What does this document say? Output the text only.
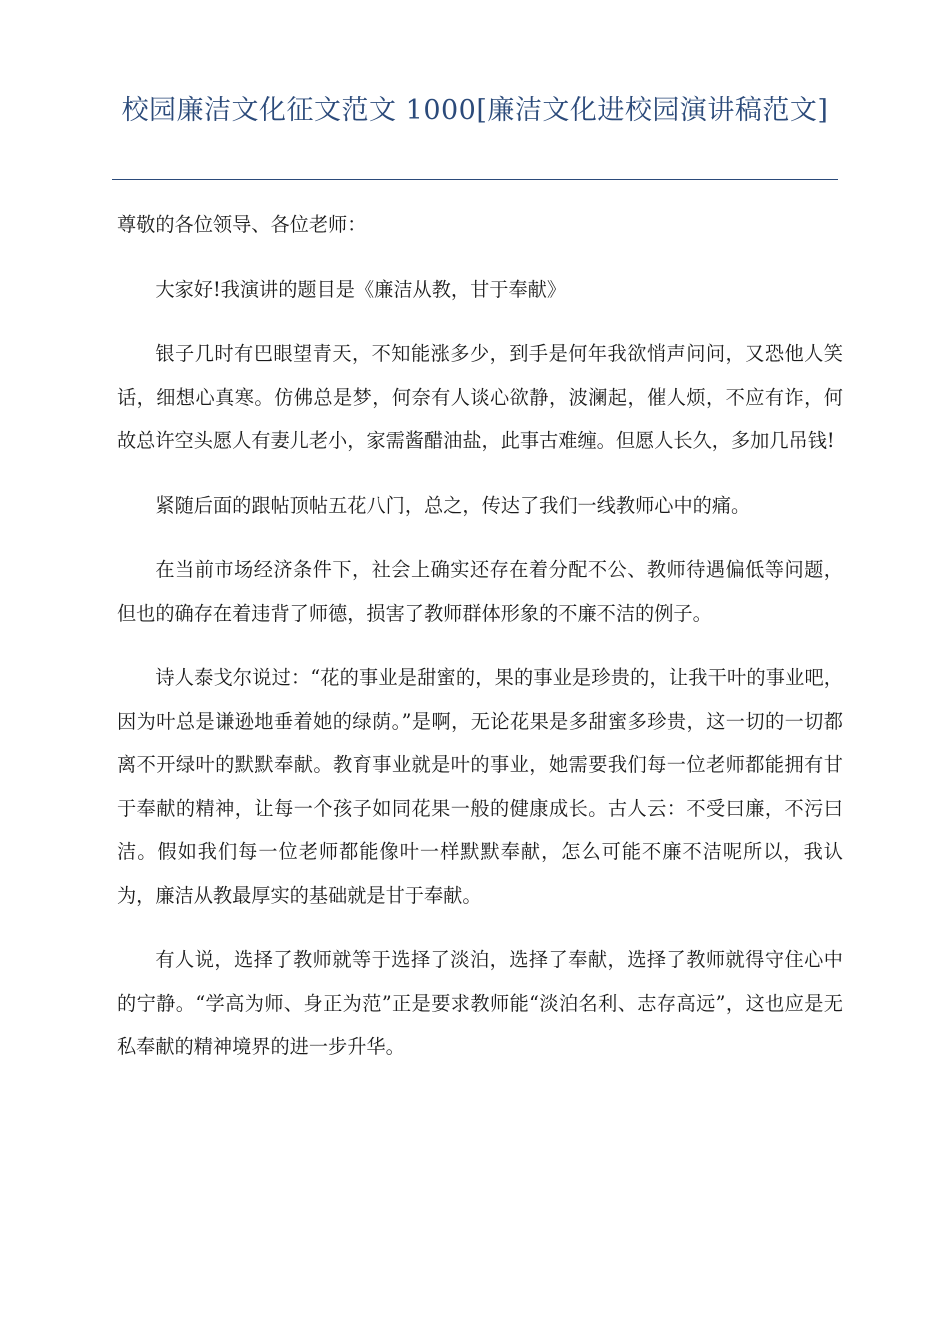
校园廉洁文化征文范文 1000[廉洁文化进校园演讲稿范文]

尊敬的各位领导、各位老师：

大家好!我演讲的题目是《廉洁从教，甘于奉献》

银子几时有巴眼望青天，不知能涨多少，到手是何年我欲悄声问问，又恐他人笑话，细想心真寒。仿佛总是梦，何奈有人谈心欲静，波澜起，催人烦，不应有诈，何故总许空头愿人有妻儿老小，家需酱醋油盐，此事古难缠。但愿人长久，多加几吊钱!

紧随后面的跟帖顶帖五花八门，总之，传达了我们一线教师心中的痛。

在当前市场经济条件下，社会上确实还存在着分配不公、教师待遇偏低等问题，但也的确存在着违背了师德，损害了教师群体形象的不廉不洁的例子。

诗人泰戈尔说过：“花的事业是甜蜜的，果的事业是珍贵的，让我干叶的事业吧，因为叶总是谦逊地垂着她的绿荫。”是啊，无论花果是多甜蜜多珍贵，这一切的一切都离不开绿叶的默默奉献。教育事业就是叶的事业，她需要我们每一位老师都能拥有甘于奉献的精神，让每一个孩子如同花果一般的健康成长。古人云：不受曰廉，不污曰洁。假如我们每一位老师都能像叶一样默默奉献，怎么可能不廉不洁呢所以，我认为，廉洁从教最厚实的基础就是甘于奉献。

有人说，选择了教师就等于选择了淡泊，选择了奉献，选择了教师就得守住心中的宁静。“学高为师、身正为范”正是要求教师能“淡泊名利、志存高远”，这也应是无私奉献的精神境界的进一步升华。
